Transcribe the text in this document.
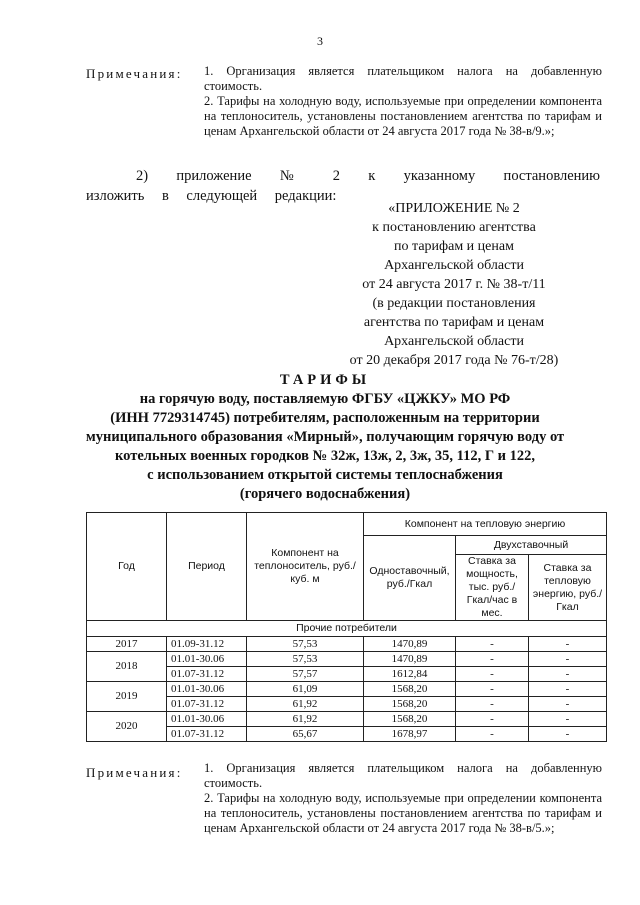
3
Примечания: 1. Организация является плательщиком налога на добавленную стоимость.

2. Тарифы на холодную воду, используемые при определении компонента на теплоноситель, установлены постановлением агентства по тарифам и ценам Архангельской области от 24 августа 2017 года № 38-в/9.»;

2) приложение № 2 к указанному постановлению изложить в следующей редакции:
«ПРИЛОЖЕНИЕ № 2
к постановлению агентства
по тарифам и ценам
Архангельской области
от 24 августа 2017 г. № 38-т/11
(в редакции постановления
агентства по тарифам и ценам
Архангельской области
от 20 декабря 2017 года № 76-т/28)
ТАРИФЫ
на горячую воду, поставляемую ФГБУ «ЦЖКУ» МО РФ
(ИНН 7729314745) потребителям, расположенным на территории
муниципального образования «Мирный», получающим горячую воду от
котельных военных городков № 32ж, 13ж, 2, 3ж, 35, 112, Г и 122,
с использованием открытой системы теплоснабжения
(горячего водоснабжения)
Год	Период	Компонент на теплоноситель, руб./куб. м	Компонент на тепловую энергию		
			Одноставочный, руб./Гкал	Двухставочный	
				Ставка за мощность, тыс. руб./ Гкал/час в мес.	Ставка за тепловую энергию, руб./Гкал
Прочие потребители					
2017	01.09-31.12	57,53	1470,89	-	-
2018	01.01-30.06	57,53	1470,89	-	-
	01.07-31.12	57,57	1612,84	-	-
2019	01.01-30.06	61,09	1568,20	-	-
	01.07-31.12	61,92	1568,20	-	-
2020	01.01-30.06	61,92	1568,20	-	-
	01.07-31.12	65,67	1678,97	-	-
Примечания: 1. Организация является плательщиком налога на добавленную стоимость.

2. Тарифы на холодную воду, используемые при определении компонента на теплоноситель, установлены постановлением агентства по тарифам и ценам Архангельской области от 24 августа 2017 года № 38-в/5.»;
